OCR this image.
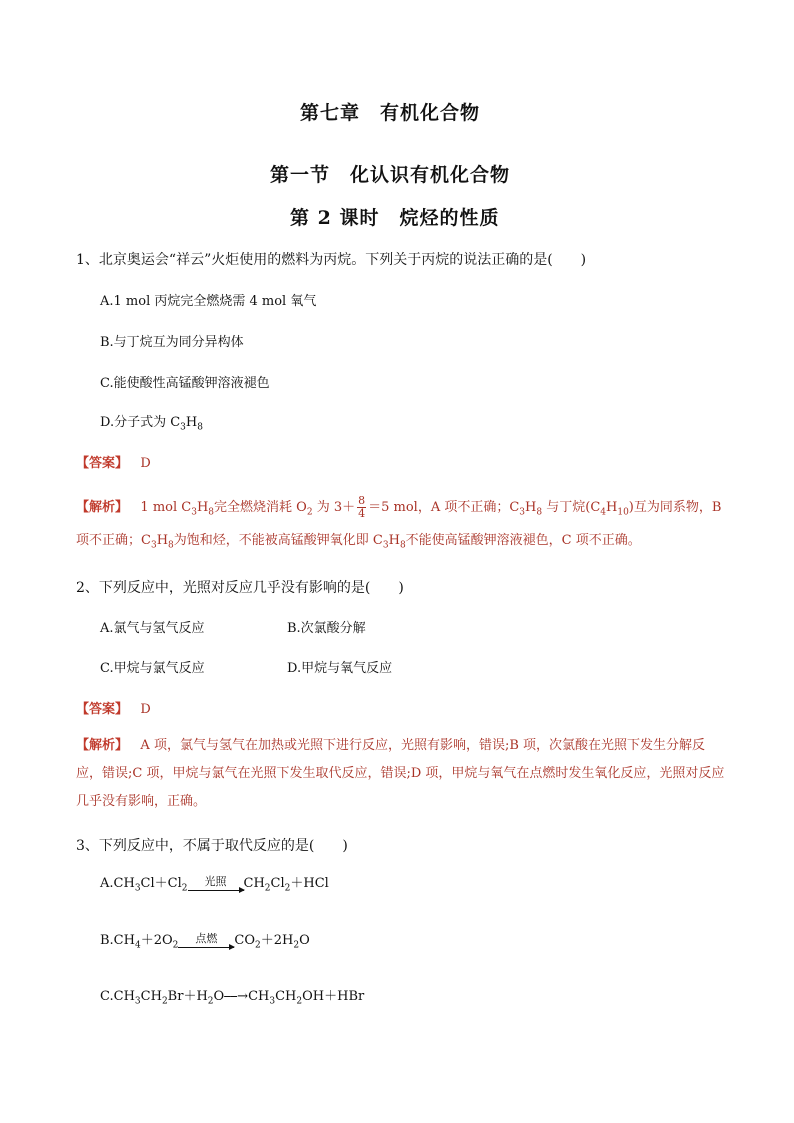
第七章　有机化合物
第一节　化认识有机化合物
第 2 课时　烷烃的性质
1、北京奥运会“祥云”火炬使用的燃料为丙烷。下列关于丙烷的说法正确的是(　　)
A.1 mol 丙烷完全燃烧需 4 mol 氧气
B.与丁烷互为同分异构体
C.能使酸性高锰酸钾溶液褪色
D.分子式为 $C_3H_8$
【答案】 D
【解析】 1 mol $C_3H_8$完全燃烧消耗 $O_2$ 为 $3+ \frac{8}{4} =5$ mol，A 项不正确；$C_3H_8$ 与丁烷$(C_4H_{10})$互为同系物，B 项不正确；$C_3H_8$为饱和烃，不能被高锰酸钾氧化即 $C_3H_8$不能使高锰酸钾溶液褪色，C 项不正确。
2、下列反应中，光照对反应几乎没有影响的是(　　)
A.氯气与氢气反应	B.次氯酸分解
C.甲烷与氯气反应	D.甲烷与氧气反应
【答案】 D
【解析】 A 项，氯气与氢气在加热或光照下进行反应，光照有影响，错误;B 项，次氯酸在光照下发生分解反应，错误;C 项，甲烷与氯气在光照下发生取代反应，错误;D 项，甲烷与氧气在点燃时发生氧化反应，光照对反应几乎没有影响，正确。
3、下列反应中，不属于取代反应的是(　　)
$A.CH_3Cl+Cl_2$
光照	$CH_2Cl_2+HCl$
$B.CH_4+2O_2$
点燃	$CO_2+2H_2O$
$C.CH_3CH_2Br+H_2O⎯⎯\to CH_3CH_2OH+HBr$
